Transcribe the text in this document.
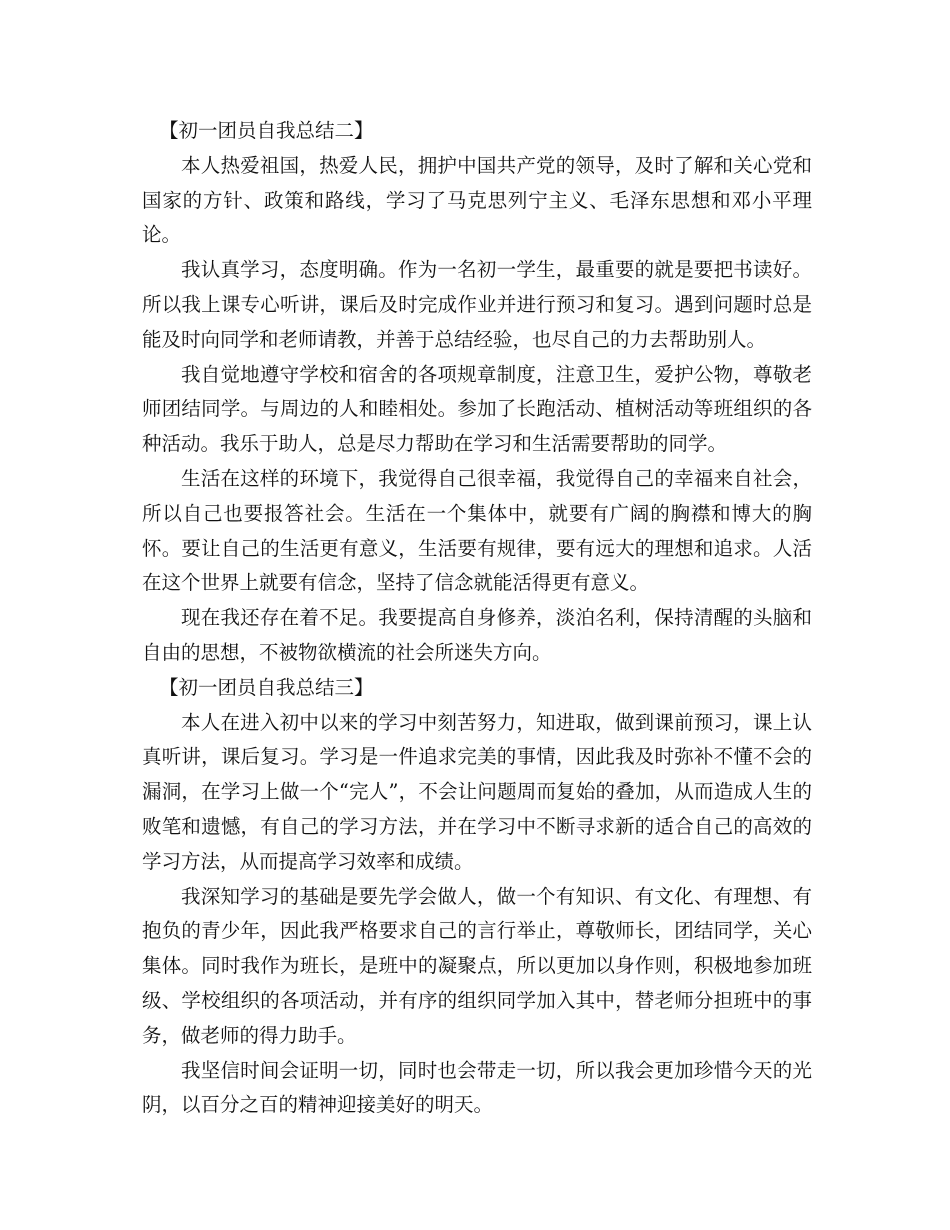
【初一团员自我总结二】

本人热爱祖国，热爱人民，拥护中国共产党的领导，及时了解和关心党和国家的方针、政策和路线，学习了马克思列宁主义、毛泽东思想和邓小平理论。

我认真学习，态度明确。作为一名初一学生，最重要的就是要把书读好。所以我上课专心听讲，课后及时完成作业并进行预习和复习。遇到问题时总是能及时向同学和老师请教，并善于总结经验，也尽自己的力去帮助别人。

我自觉地遵守学校和宿舍的各项规章制度，注意卫生，爱护公物，尊敬老师团结同学。与周边的人和睦相处。参加了长跑活动、植树活动等班组织的各种活动。我乐于助人，总是尽力帮助在学习和生活需要帮助的同学。

生活在这样的环境下，我觉得自己很幸福，我觉得自己的幸福来自社会，所以自己也要报答社会。生活在一个集体中，就要有广阔的胸襟和博大的胸怀。要让自己的生活更有意义，生活要有规律，要有远大的理想和追求。人活在这个世界上就要有信念，坚持了信念就能活得更有意义。

现在我还存在着不足。我要提高自身修养，淡泊名利，保持清醒的头脑和自由的思想，不被物欲横流的社会所迷失方向。

【初一团员自我总结三】

本人在进入初中以来的学习中刻苦努力，知进取，做到课前预习，课上认真听讲，课后复习。学习是一件追求完美的事情，因此我及时弥补不懂不会的漏洞，在学习上做一个“完人”，不会让问题周而复始的叠加，从而造成人生的败笔和遗憾，有自己的学习方法，并在学习中不断寻求新的适合自己的高效的学习方法，从而提高学习效率和成绩。

我深知学习的基础是要先学会做人，做一个有知识、有文化、有理想、有抱负的青少年，因此我严格要求自己的言行举止，尊敬师长，团结同学，关心集体。同时我作为班长，是班中的凝聚点，所以更加以身作则，积极地参加班级、学校组织的各项活动，并有序的组织同学加入其中，替老师分担班中的事务，做老师的得力助手。

我坚信时间会证明一切，同时也会带走一切，所以我会更加珍惜今天的光阴，以百分之百的精神迎接美好的明天。
